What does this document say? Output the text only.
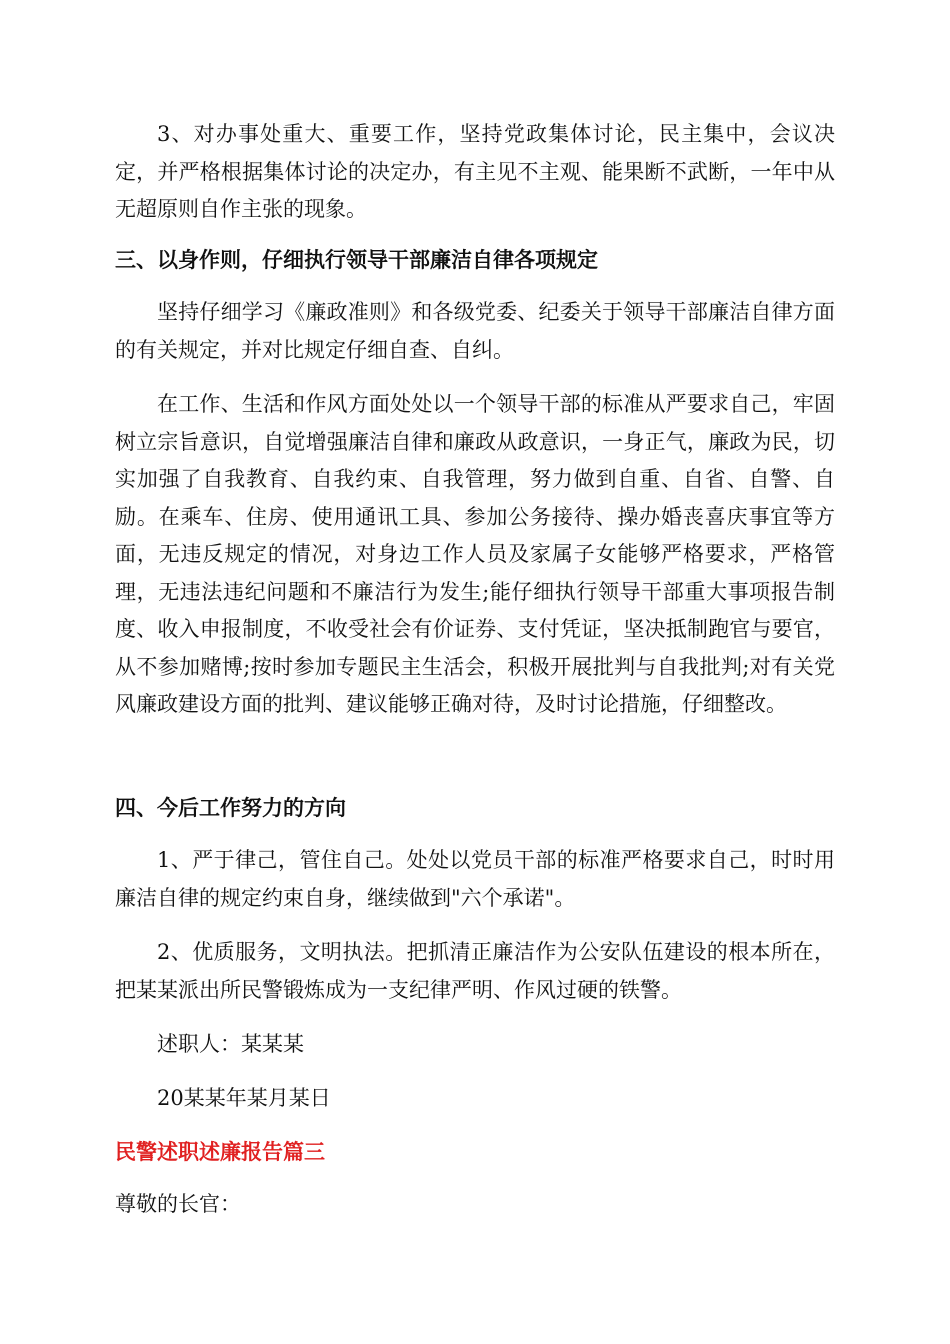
3、对办事处重大、重要工作，坚持党政集体讨论，民主集中，会议决定，并严格根据集体讨论的决定办，有主见不主观、能果断不武断，一年中从无超原则自作主张的现象。

三、以身作则，仔细执行领导干部廉洁自律各项规定

坚持仔细学习《廉政准则》和各级党委、纪委关于领导干部廉洁自律方面的有关规定，并对比规定仔细自查、自纠。

在工作、生活和作风方面处处以一个领导干部的标准从严要求自己，牢固树立宗旨意识，自觉增强廉洁自律和廉政从政意识，一身正气，廉政为民，切实加强了自我教育、自我约束、自我管理，努力做到自重、自省、自警、自励。在乘车、住房、使用通讯工具、参加公务接待、操办婚丧喜庆事宜等方面，无违反规定的情况，对身边工作人员及家属子女能够严格要求，严格管理，无违法违纪问题和不廉洁行为发生;能仔细执行领导干部重大事项报告制度、收入申报制度，不收受社会有价证券、支付凭证，坚决抵制跑官与要官，从不参加赌博;按时参加专题民主生活会，积极开展批判与自我批判;对有关党风廉政建设方面的批判、建议能够正确对待，及时讨论措施，仔细整改。

四、今后工作努力的方向

1、严于律己，管住自己。处处以党员干部的标准严格要求自己，时时用廉洁自律的规定约束自身，继续做到"六个承诺"。

2、优质服务，文明执法。把抓清正廉洁作为公安队伍建设的根本所在，把某某派出所民警锻炼成为一支纪律严明、作风过硬的铁警。

述职人：某某某

20某某年某月某日

民警述职述廉报告篇三

尊敬的长官：
